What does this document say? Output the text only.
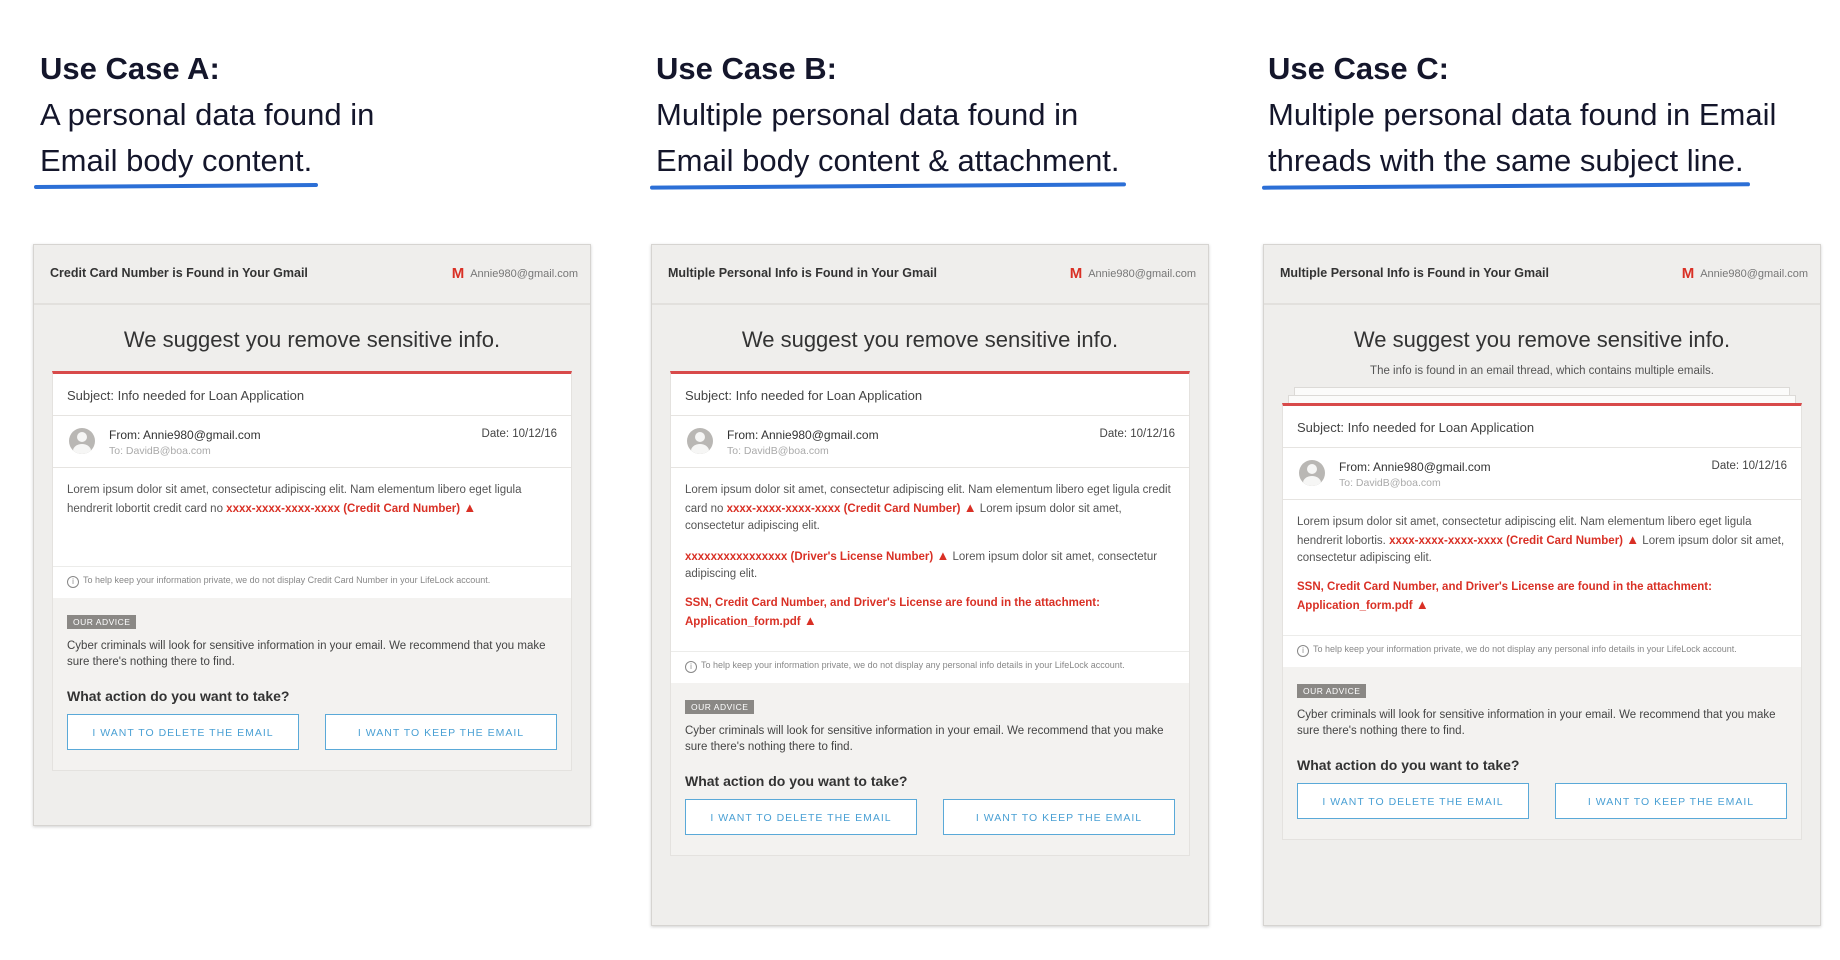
Use Case A:
A personal data found in
Email body content.
Use Case B:
Multiple personal data found in
Email body content & attachment.
Use Case C:
Multiple personal data found in Email
threads with the same subject line.
Credit Card Number is Found in Your Gmail	M Annie980@gmail.com
We suggest you remove sensitive info.
Subject: Info needed for Loan Application
From: Annie980@gmail.com
To: DavidB@boa.com
Date: 10/12/16

Lorem ipsum dolor sit amet, consectetur adipiscing elit. Nam elementum libero eget ligula hendrerit lobortit credit card no xxxx-xxxx-xxxx-xxxx (Credit Card Number) ▲

i To help keep your information private, we do not display Credit Card Number in your LifeLock account.
OUR ADVICE
Cyber criminals will look for sensitive information in your email. We recommend that you make sure there's nothing there to find.
What action do you want to take?
I WANT TO DELETE THE EMAIL	I WANT TO KEEP THE EMAIL
Multiple Personal Info is Found in Your Gmail	M Annie980@gmail.com
We suggest you remove sensitive info.
Subject: Info needed for Loan Application
From: Annie980@gmail.com
To: DavidB@boa.com
Date: 10/12/16

Lorem ipsum dolor sit amet, consectetur adipiscing elit. Nam elementum libero eget ligula credit card no xxxx-xxxx-xxxx-xxxx (Credit Card Number) ▲ Lorem ipsum dolor sit amet, consectetur adipiscing elit.

xxxxxxxxxxxxxxxx (Driver's License Number) ▲ Lorem ipsum dolor sit amet, consectetur adipiscing elit.

SSN, Credit Card Number, and Driver's License are found in the attachment: Application_form.pdf ▲

i To help keep your information private, we do not display any personal info details in your LifeLock account.
OUR ADVICE
Cyber criminals will look for sensitive information in your email. We recommend that you make sure there's nothing there to find.
What action do you want to take?
I WANT TO DELETE THE EMAIL	I WANT TO KEEP THE EMAIL
Multiple Personal Info is Found in Your Gmail	M Annie980@gmail.com
We suggest you remove sensitive info.
The info is found in an email thread, which contains multiple emails.
Subject: Info needed for Loan Application
From: Annie980@gmail.com
To: DavidB@boa.com
Date: 10/12/16

Lorem ipsum dolor sit amet, consectetur adipiscing elit. Nam elementum libero eget ligula hendrerit lobortis. xxxx-xxxx-xxxx-xxxx (Credit Card Number) ▲ Lorem ipsum dolor sit amet, consectetur adipiscing elit.

SSN, Credit Card Number, and Driver's License are found in the attachment: Application_form.pdf ▲

i To help keep your information private, we do not display any personal info details in your LifeLock account.
OUR ADVICE
Cyber criminals will look for sensitive information in your email. We recommend that you make sure there's nothing there to find.
What action do you want to take?
I WANT TO DELETE THE EMAIL	I WANT TO KEEP THE EMAIL
